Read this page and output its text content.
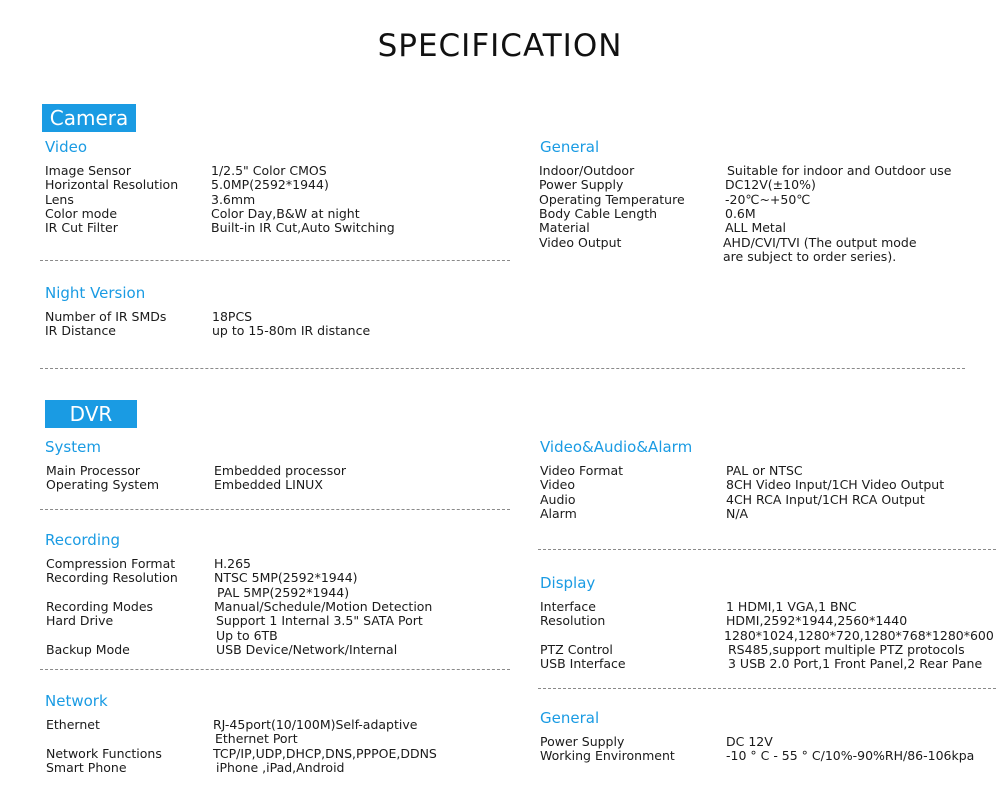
SPECIFICATION
Camera
Video
Night Version
General
DVR
System
Recording
Network
Video&Audio&Alarm
Display
General
Image Sensor	1/2.5" Color CMOS
Horizontal Resolution	5.0MP(2592*1944)
Lens	3.6mm
Color mode	Color Day,B&W at night
IR Cut Filter	Built-in IR Cut,Auto Switching
Number of IR SMDs	18PCS
IR Distance	up to 15-80m IR distance
Indoor/Outdoor	Suitable for indoor and Outdoor use
Power Supply	DC12V(±10%)
Operating Temperature	-20℃~+50℃
Body Cable Length	0.6M
Material	ALL Metal
Video Output	AHD/CVI/TVI (The output mode
are subject to order series).
Main Processor	Embedded processor
Operating System	Embedded LINUX
Compression Format	H.265
Recording Resolution	NTSC 5MP(2592*1944)
PAL 5MP(2592*1944)
Recording Modes	Manual/Schedule/Motion Detection
Hard Drive	Support 1 Internal 3.5" SATA Port
Up to 6TB
Backup Mode	USB Device/Network/Internal
Ethernet	RJ-45port(10/100M)Self-adaptive
Ethernet Port
Network Functions	TCP/IP,UDP,DHCP,DNS,PPPOE,DDNS
Smart Phone	iPhone ,iPad,Android
Video Format	PAL or NTSC
Video	8CH Video Input/1CH Video Output
Audio	4CH RCA Input/1CH RCA Output
Alarm	N/A
Interface	1 HDMI,1 VGA,1 BNC
Resolution	HDMI,2592*1944,2560*1440
1280*1024,1280*720,1280*768*1280*600
PTZ Control	RS485,support multiple PTZ protocols
USB Interface	3 USB 2.0 Port,1 Front Panel,2 Rear Pane
Power Supply	DC 12V
Working Environment	-10 ° C - 55 ° C/10%-90%RH/86-106kpa
